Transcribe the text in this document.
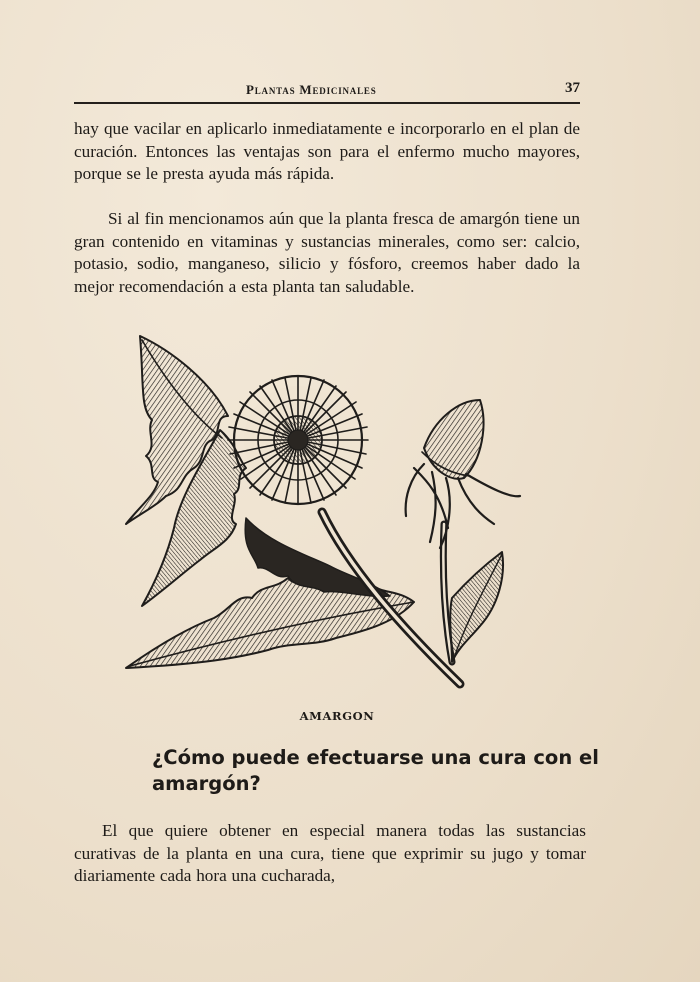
Plantas Medicinales	37

hay que vacilar en aplicarlo inmediatamente e incorporarlo en el plan de curación. Entonces las ventajas son para el enfermo mucho mayores, porque se le presta ayuda más rápida.

Si al fin mencionamos aún que la planta fresca de amargón tiene un gran contenido en vitaminas y sustancias minerales, como ser: calcio, potasio, sodio, manganeso, silicio y fósforo, creemos haber dado la mejor recomendación a esta planta tan saludable.

AMARGON
¿Cómo puede efectuarse una cura con el amargón?

El que quiere obtener en especial manera todas las sustancias curativas de la planta en una cura, tiene que exprimir su jugo y tomar diariamente cada hora una cucharada,
